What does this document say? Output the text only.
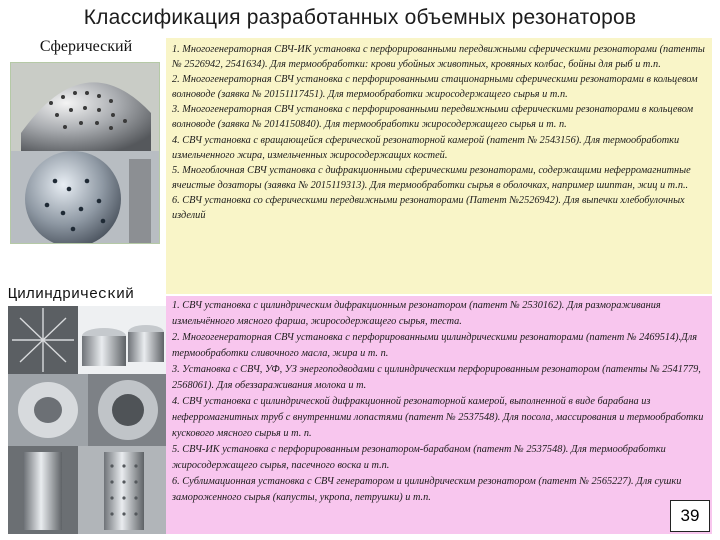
Классификация разработанных объемных резонаторов
Сферический
Цилиндрический

1. Многогенераторная СВЧ-ИК установка с перфорированными передвижными сферическими резонаторами (патенты № 2526942, 2541634). Для термообработки: крови убойных животных, кровяных колбас, бойны для рыб и т.п.

2. Многогенераторная СВЧ установка с перфорированными стационарными сферическими резонаторами в кольцевом волноводе (заявка № 20151117451). Для термообработки жиросодержащего сырья и т.п.

3. Многогенераторная СВЧ установка с перфорированными передвижными сферическими резонаторами в кольцевом волноводе (заявка № 2014150840). Для термообработки жиросодержащего сырья и т. п.

4. СВЧ установка с вращающейся сферической резонаторной камерой (патент № 2543156). Для термообработки измельченного жира, измельченных жиросодержащих костей.

5. Многоблочная СВЧ установка с дифракционными сферическими резонаторами, содержащими неферромагнитные ячеистые дозаторы (заявка № 2015119313). Для термообработки сырья в оболочках, например шиптан, жиц и т.п..

6. СВЧ установка со сферическими передвижными резонаторами (Патент №2526942). Для выпечки хлебобулочных изделий

1. СВЧ установка с цилиндрическим дифракционным резонатором (патент № 2530162). Для размораживания измельчённого мясного фарша, жиросодержащего сырья, теста.

2. Многогенераторная СВЧ установка с перфорированными цилиндрическими резонаторами (патент № 2469514).Для термообработки сливочного масла, жира и т. п.

3. Установка с СВЧ, УФ, УЗ энергоподводами с цилиндрическим перфорированным резонатором (патенты № 2541779, 2568061). Для обеззараживания молока и т.

4. СВЧ установка с цилиндрической дифракционной резонаторной камерой, выполненной в виде барабана из неферромагнитных труб с внутренними лопастями (патент № 2537548). Для посола, массирования и термообработки кускового мясного сырья и т. п.

5. СВЧ-ИК установка с перфорированным резонатором-барабаном (патент № 2537548). Для термообработки жиросодержащего сырья, пасечного воска и т.п.

6. Сублимационная установка с СВЧ генератором и цилиндрическим резонатором (патент № 2565227). Для сушки замороженного сырья (капусты, укропа, петрушки) и т.п.

39
